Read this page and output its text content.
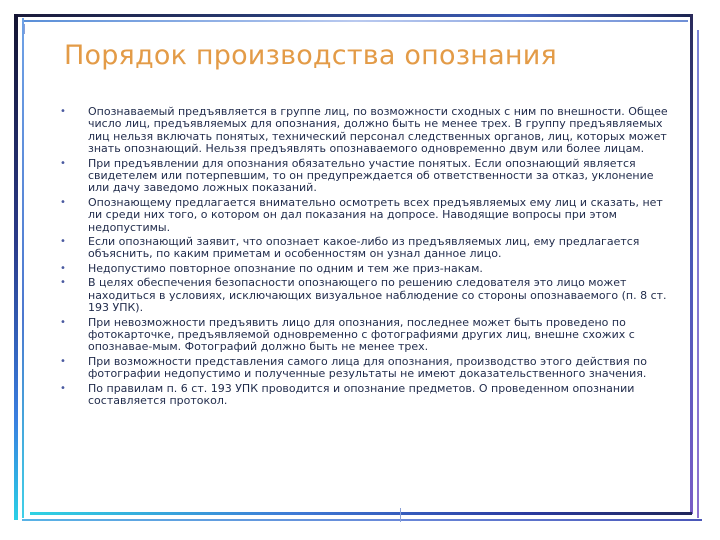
Порядок производства опознания
• Опознаваемый предъявляется в группе лиц, по возможности сходных с ним по внешности. Общее число лиц, предъявляемых для опознания, должно быть не менее трех. В группу предъявляемых лиц нельзя включать понятых, технический персонал следственных органов, лиц, которых может знать опознающий. Нельзя предъявлять опознаваемого одновременно двум или более лицам.
• При предъявлении для опознания обязательно участие понятых. Если опознающий является свидетелем или потерпевшим, то он предупреждается об ответственности за отказ, уклонение или дачу заведомо ложных показаний.
• Опознающему предлагается внимательно осмотреть всех предъявляемых ему лиц и сказать, нет ли среди них того, о котором он дал показания на допросе. Наводящие вопросы при этом недопустимы.
• Если опознающий заявит, что опознает какое-либо из предъявляемых лиц, ему предлагается объяснить, по каким приметам и особенностям он узнал данное лицо.
• Недопустимо повторное опознание по одним и тем же приз-накам.
• В целях обеспечения безопасности опознающего по решению следователя это лицо может находиться в условиях, исключающих визуальное наблюдение со стороны опознаваемого (п. 8 ст. 193 УПК).
• При невозможности предъявить лицо для опознания, последнее может быть проведено по фотокарточке, предъявляемой одновременно с фотографиями других лиц, внешне схожих с опознавае-мым. Фотографий должно быть не менее трех.
• При возможности представления самого лица для опознания, производство этого действия по фотографии недопустимо и полученные результаты не имеют доказательственного значения.
• По правилам п. 6 ст. 193 УПК проводится и опознание предметов. О проведенном опознании составляется протокол.
